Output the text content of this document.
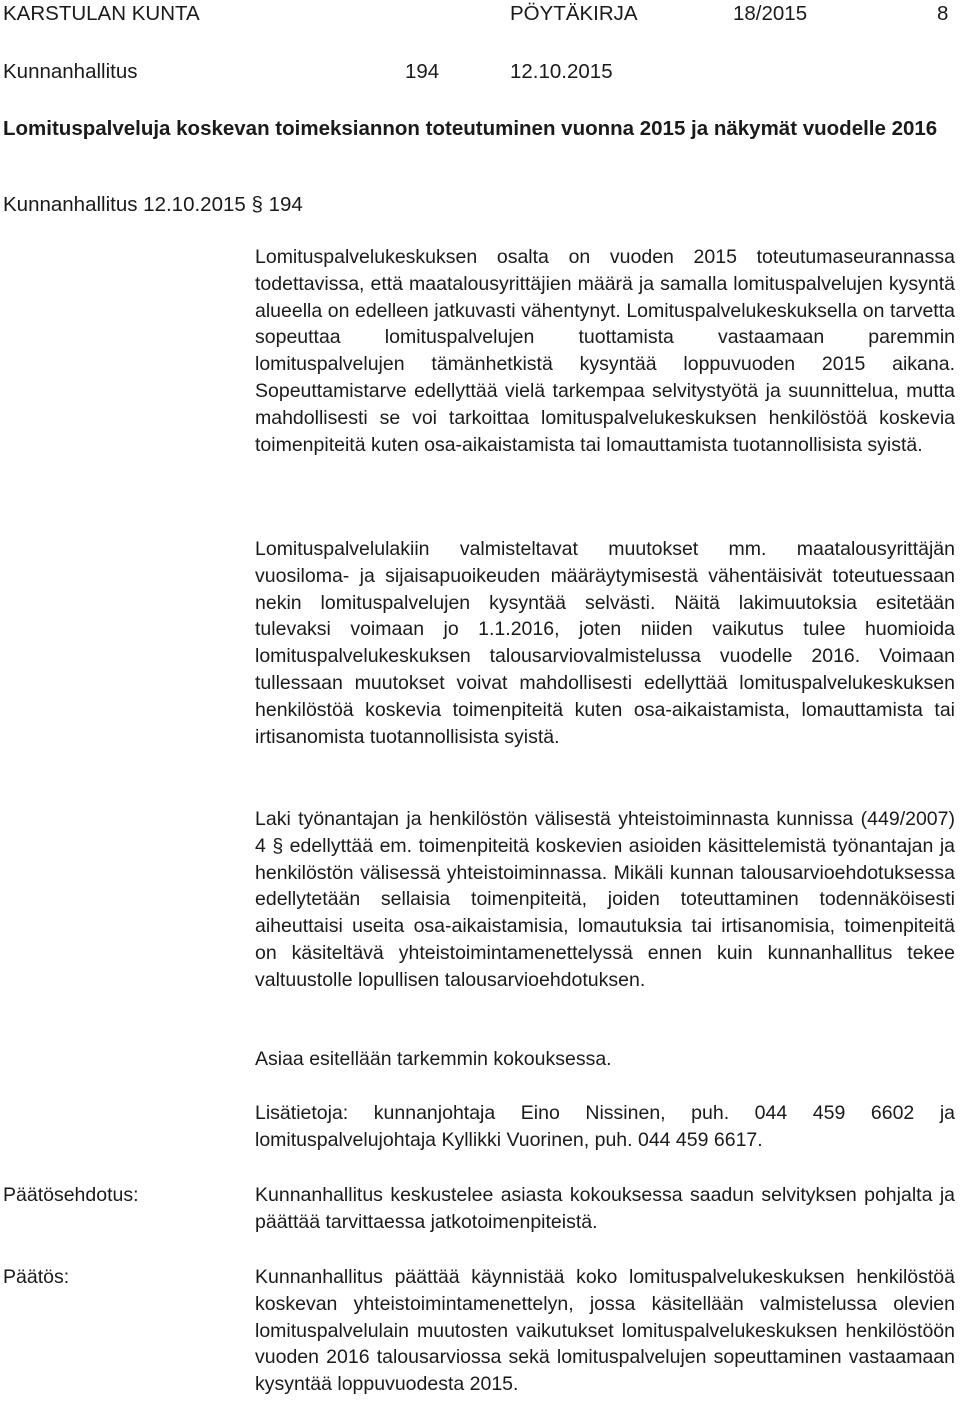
KARSTULAN KUNTA	PÖYTÄKIRJA	18/2015	8
Kunnanhallitus	194	12.10.2015
Lomituspalveluja koskevan toimeksiannon toteutuminen vuonna 2015 ja näkymät vuodelle 2016
Kunnanhallitus 12.10.2015 § 194

Lomituspalvelukeskuksen osalta on vuoden 2015 toteutumaseurannassa todettavissa, että maatalousyrittäjien määrä ja samalla lomituspalvelujen kysyntä alueella on edelleen jatkuvasti vähentynyt. Lomituspalvelukeskuksella on tarvetta sopeuttaa lomituspalvelujen tuottamista vastaamaan paremmin lomituspalvelujen tämänhetkistä kysyntää loppuvuoden 2015 aikana. Sopeuttamistarve edellyttää vielä tarkempaa selvitystyötä ja suunnittelua, mutta mahdollisesti se voi tarkoittaa lomituspalvelukeskuksen henkilöstöä koskevia toimenpiteitä kuten osa-aikaistamista tai lomauttamista tuotannollisista syistä.

Lomituspalvelulakiin valmisteltavat muutokset mm. maatalousyrittäjän vuosiloma- ja sijaisapuoikeuden määräytymisestä vähentäisivät toteutuessaan nekin lomituspalvelujen kysyntää selvästi. Näitä lakimuutoksia esitetään tulevaksi voimaan jo 1.1.2016, joten niiden vaikutus tulee huomioida lomituspalvelukeskuksen talousarviovalmistelussa vuodelle 2016. Voimaan tullessaan muutokset voivat mahdollisesti edellyttää lomituspalvelukeskuksen henkilöstöä koskevia toimenpiteitä kuten osa-aikaistamista, lomauttamista tai irtisanomista tuotannollisista syistä.

Laki työnantajan ja henkilöstön välisestä yhteistoiminnasta kunnissa (449/2007) 4 § edellyttää em. toimenpiteitä koskevien asioiden käsittelemistä työnantajan ja henkilöstön välisessä yhteistoiminnassa. Mikäli kunnan talousarvioehdotuksessa edellytetään sellaisia toimenpiteitä, joiden toteuttaminen todennäköisesti aiheuttaisi useita osa-aikaistamisia, lomautuksia tai irtisanomisia, toimenpiteitä on käsiteltävä yhteistoimintamenettelyssä ennen kuin kunnanhallitus tekee valtuustolle lopullisen talousarvioehdotuksen.

Asiaa esitellään tarkemmin kokouksessa.

Lisätietoja: kunnanjohtaja Eino Nissinen, puh. 044 459 6602 ja lomituspalvelujohtaja Kyllikki Vuorinen, puh. 044 459 6617.

Päätösehdotus:	Kunnanhallitus keskustelee asiasta kokouksessa saadun selvityksen pohjalta ja päättää tarvittaessa jatkotoimenpiteistä.

Päätös:	Kunnanhallitus päättää käynnistää koko lomituspalvelukeskuksen henkilöstöä koskevan yhteistoimintamenettelyn, jossa käsitellään valmistelussa olevien lomituspalvelulain muutosten vaikutukset lomituspalvelukeskuksen henkilöstöön vuoden 2016 talousarviossa sekä lomituspalvelujen sopeuttaminen vastaamaan kysyntää loppuvuodesta 2015.
